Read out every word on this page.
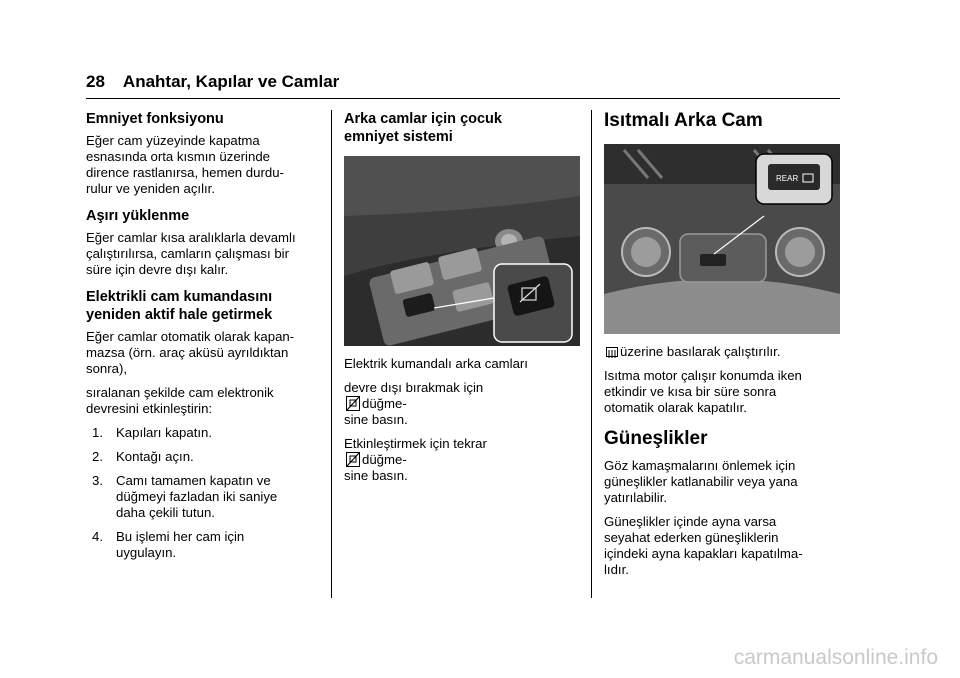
28 Anahtar, Kapılar ve Camlar
Emniyet fonksiyonu

Eğer cam yüzeyinde kapatma
esnasında orta kısmın üzerinde
dirence rastlanırsa, hemen durdu-
rulur ve yeniden açılır.

Aşırı yüklenme

Eğer camlar kısa aralıklarla devamlı
çalıştırılırsa, camların çalışması bir
süre için devre dışı kalır.

Elektrikli cam kumandasını
yeniden aktif hale getirmek

Eğer camlar otomatik olarak kapan-
mazsa (örn. araç aküsü ayrıldıktan
sonra),

sıralanan şekilde cam elektronik
devresini etkinleştirin:

1. Kapıları kapatın.
2. Kontağı açın.
3. Camı tamamen kapatın ve
düğmeyi fazladan iki saniye
daha çekili tutun.
4. Bu işlemi her cam için
uygulayın.
Arka camlar için çocuk
emniyet sistemi

Elektrik kumandalı arka camları

devre dışı bırakmak için
düğme-
sine basın.

Etkinleştirmek için tekrar
düğme-
sine basın.

Isıtmalı Arka Cam
REAR

üzerine basılarak çalıştırılır.

Isıtma motor çalışır konumda iken
etkindir ve kısa bir süre sonra
otomatik olarak kapatılır.

Güneşlikler

Göz kamaşmalarını önlemek için
güneşlikler katlanabilir veya yana
yatırılabilir.

Güneşlikler içinde ayna varsa
seyahat ederken güneşliklerin
içindeki ayna kapakları kapatılma-
lıdır.

carmanualsonline.info
